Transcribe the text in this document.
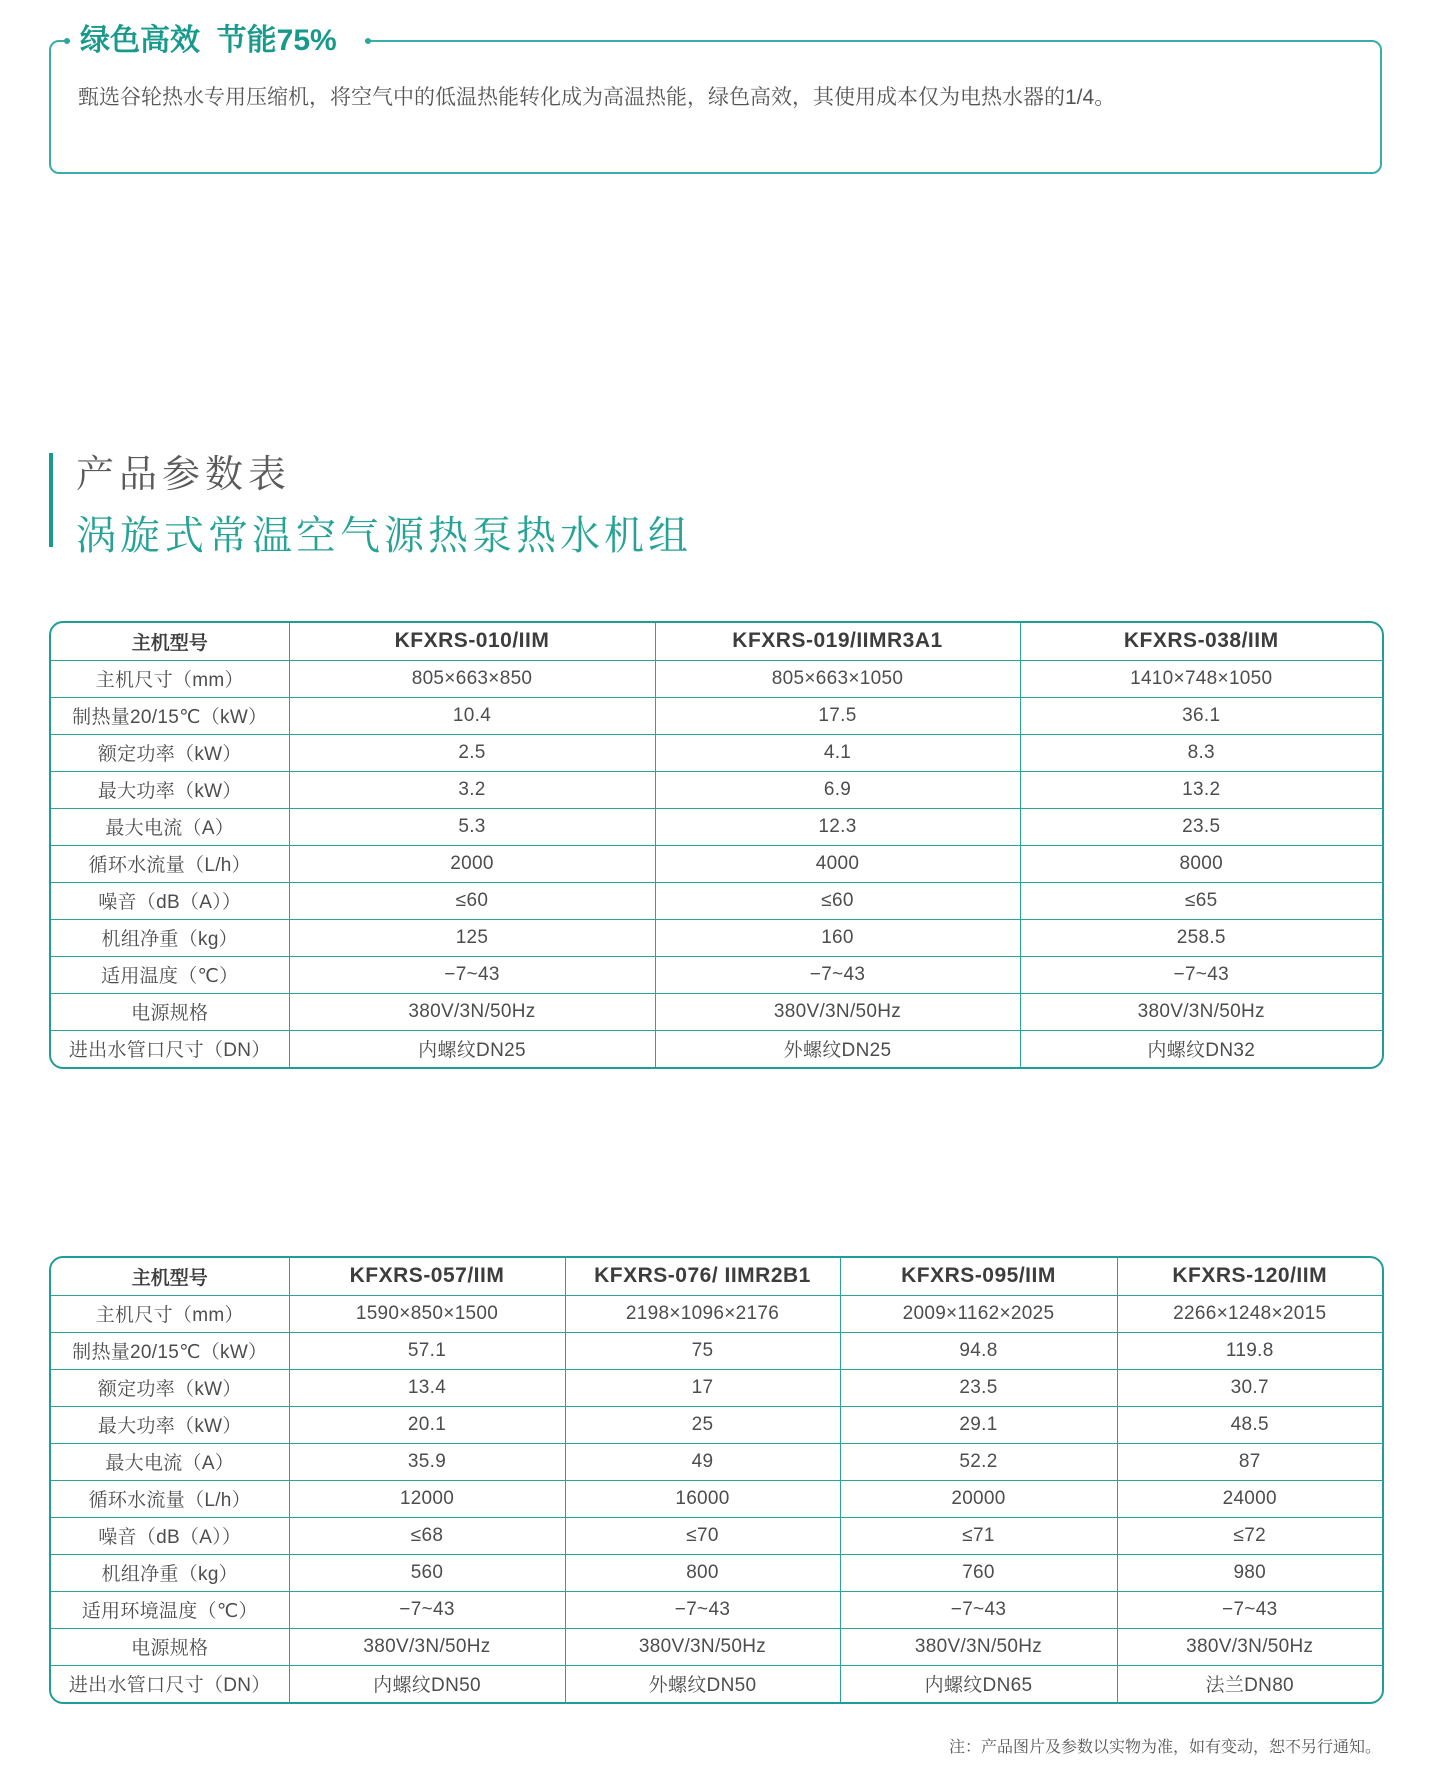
绿色高效  节能75%
甄选谷轮热水专用压缩机，将空气中的低温热能转化成为高温热能，绿色高效，其使用成本仅为电热水器的1/4。
产品参数表
涡旋式常温空气源热泵热水机组
主机型号	KFXRS-010/IIM	KFXRS-019/IIMR3A1	KFXRS-038/IIM
主机尺寸（mm）	805×663×850	805×663×1050	1410×748×1050
制热量20/15℃（kW）	10.4	17.5	36.1
额定功率（kW）	2.5	4.1	8.3
最大功率（kW）	3.2	6.9	13.2
最大电流（A）	5.3	12.3	23.5
循环水流量（L/h）	2000	4000	8000
噪音（dB（A））	≤60	≤60	≤65
机组净重（kg）	125	160	258.5
适用温度（℃）	−7~43	−7~43	−7~43
电源规格	380V/3N/50Hz	380V/3N/50Hz	380V/3N/50Hz
进出水管口尺寸（DN）	内螺纹DN25	外螺纹DN25	内螺纹DN32
主机型号	KFXRS-057/IIM	KFXRS-076/ IIMR2B1	KFXRS-095/IIM	KFXRS-120/IIM
主机尺寸（mm）	1590×850×1500	2198×1096×2176	2009×1162×2025	2266×1248×2015
制热量20/15℃（kW）	57.1	75	94.8	119.8
额定功率（kW）	13.4	17	23.5	30.7
最大功率（kW）	20.1	25	29.1	48.5
最大电流（A）	35.9	49	52.2	87
循环水流量（L/h）	12000	16000	20000	24000
噪音（dB（A））	≤68	≤70	≤71	≤72
机组净重（kg）	560	800	760	980
适用环境温度（℃）	−7~43	−7~43	−7~43	−7~43
电源规格	380V/3N/50Hz	380V/3N/50Hz	380V/3N/50Hz	380V/3N/50Hz
进出水管口尺寸（DN）	内螺纹DN50	外螺纹DN50	内螺纹DN65	法兰DN80
注：产品图片及参数以实物为准，如有变动，恕不另行通知。
